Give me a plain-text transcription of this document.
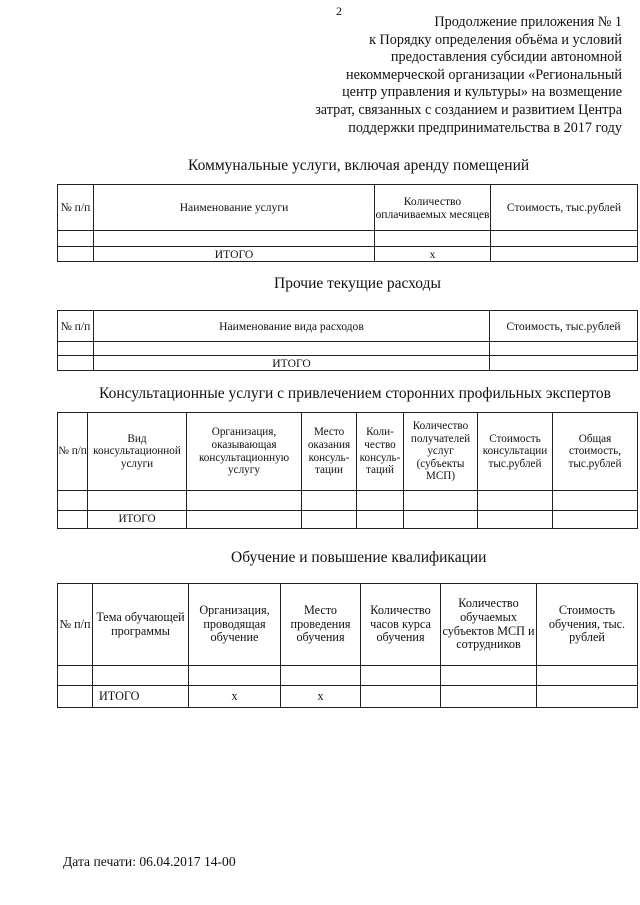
2
Продолжение приложения № 1
к Порядку определения объёма и условий
предоставления субсидии автономной
некоммерческой организации «Региональный
центр управления и культуры» на возмещение
затрат, связанных с созданием и развитием Центра
поддержки предпринимательства в 2017 году
Коммунальные услуги, включая аренду помещений
№ п/п	Наименование услуги	Количество оплачиваемых месяцев	Стоимость, тыс.рублей

	ИТОГО	х	
Прочие текущие расходы
№ п/п	Наименование вида расходов	Стоимость, тыс.рублей

	ИТОГО	
Консультационные услуги с привлечением сторонних профильных экспертов
№ п/п	Вид консультационной услуги	Организация, оказывающая консультационную услугу	Место оказания консуль-тации	Коли-чество консуль-таций	Количество получателей услуг (субъекты МСП)	Стоимость консультации тыс.рублей	Общая стоимость, тыс.рублей

	ИТОГО						
Обучение и повышение квалификации
№ п/п	Тема обучающей программы	Организация, проводящая обучение	Место проведения обучения	Количество часов курса обучения	Количество обучаемых субъектов МСП и сотрудников	Стоимость обучения, тыс. рублей

	ИТОГО	х	х			
Дата печати: 06.04.2017 14-00
